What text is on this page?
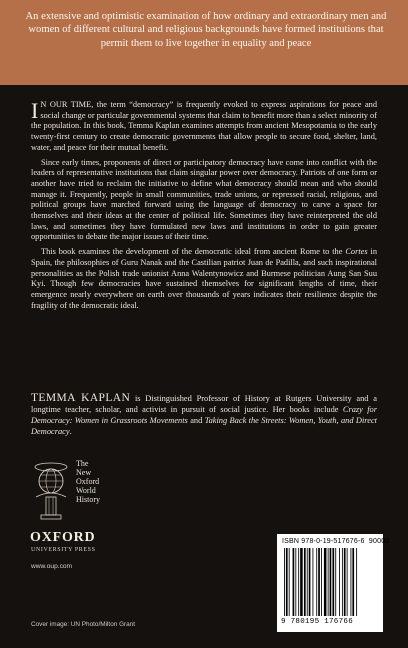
An extensive and optimistic examination of how ordinary and extraordinary men and women of different cultural and religious backgrounds have formed institutions that permit them to live together in equality and peace

I N OUR TIME, the term “democracy” is frequently evoked to express aspirations for peace and social change or particular governmental systems that claim to benefit more than a select minority of the population. In this book, Temma Kaplan examines attempts from ancient Mesopotamia to the early twenty-first century to create democratic governments that allow people to secure food, shelter, land, water, and peace for their mutual benefit.

Since early times, proponents of direct or participatory democracy have come into conflict with the leaders of representative institutions that claim singular power over democracy. Patriots of one form or another have tried to reclaim the initiative to define what democracy should mean and who should manage it. Frequently, people in small communities, trade unions, or repressed racial, religious, and political groups have marched forward using the language of democracy to carve a space for themselves and their ideas at the center of political life. Sometimes they have reinterpreted the old laws, and sometimes they have formulated new laws and institutions in order to gain greater opportunities to debate the major issues of their time.

This book examines the development of the democratic ideal from ancient Rome to the Cortes in Spain, the philosophies of Guru Nanak and the Castilian patriot Juan de Padilla, and such inspirational personalities as the Polish trade unionist Anna Walentynowicz and Burmese politician Aung San Suu Kyi. Though few democracies have sustained themselves for significant lengths of time, their emergence nearly everywhere on earth over thousands of years indicates their resilience despite the fragility of the democratic ideal.

TEMMA KAPLAN is Distinguished Professor of History at Rutgers University and a longtime teacher, scholar, and activist in pursuit of social justice. Her books include Crazy for Democracy: Women in Grassroots Movements and Taking Back the Streets: Women, Youth, and Direct Democracy.
The
New
Oxford
World
History
OXFORD
UNIVERSITY PRESS
www.oup.com
Cover image: UN Photo/Milton Grant
ISBN 978-0-19-517676-6 90000
9 780195 176766
